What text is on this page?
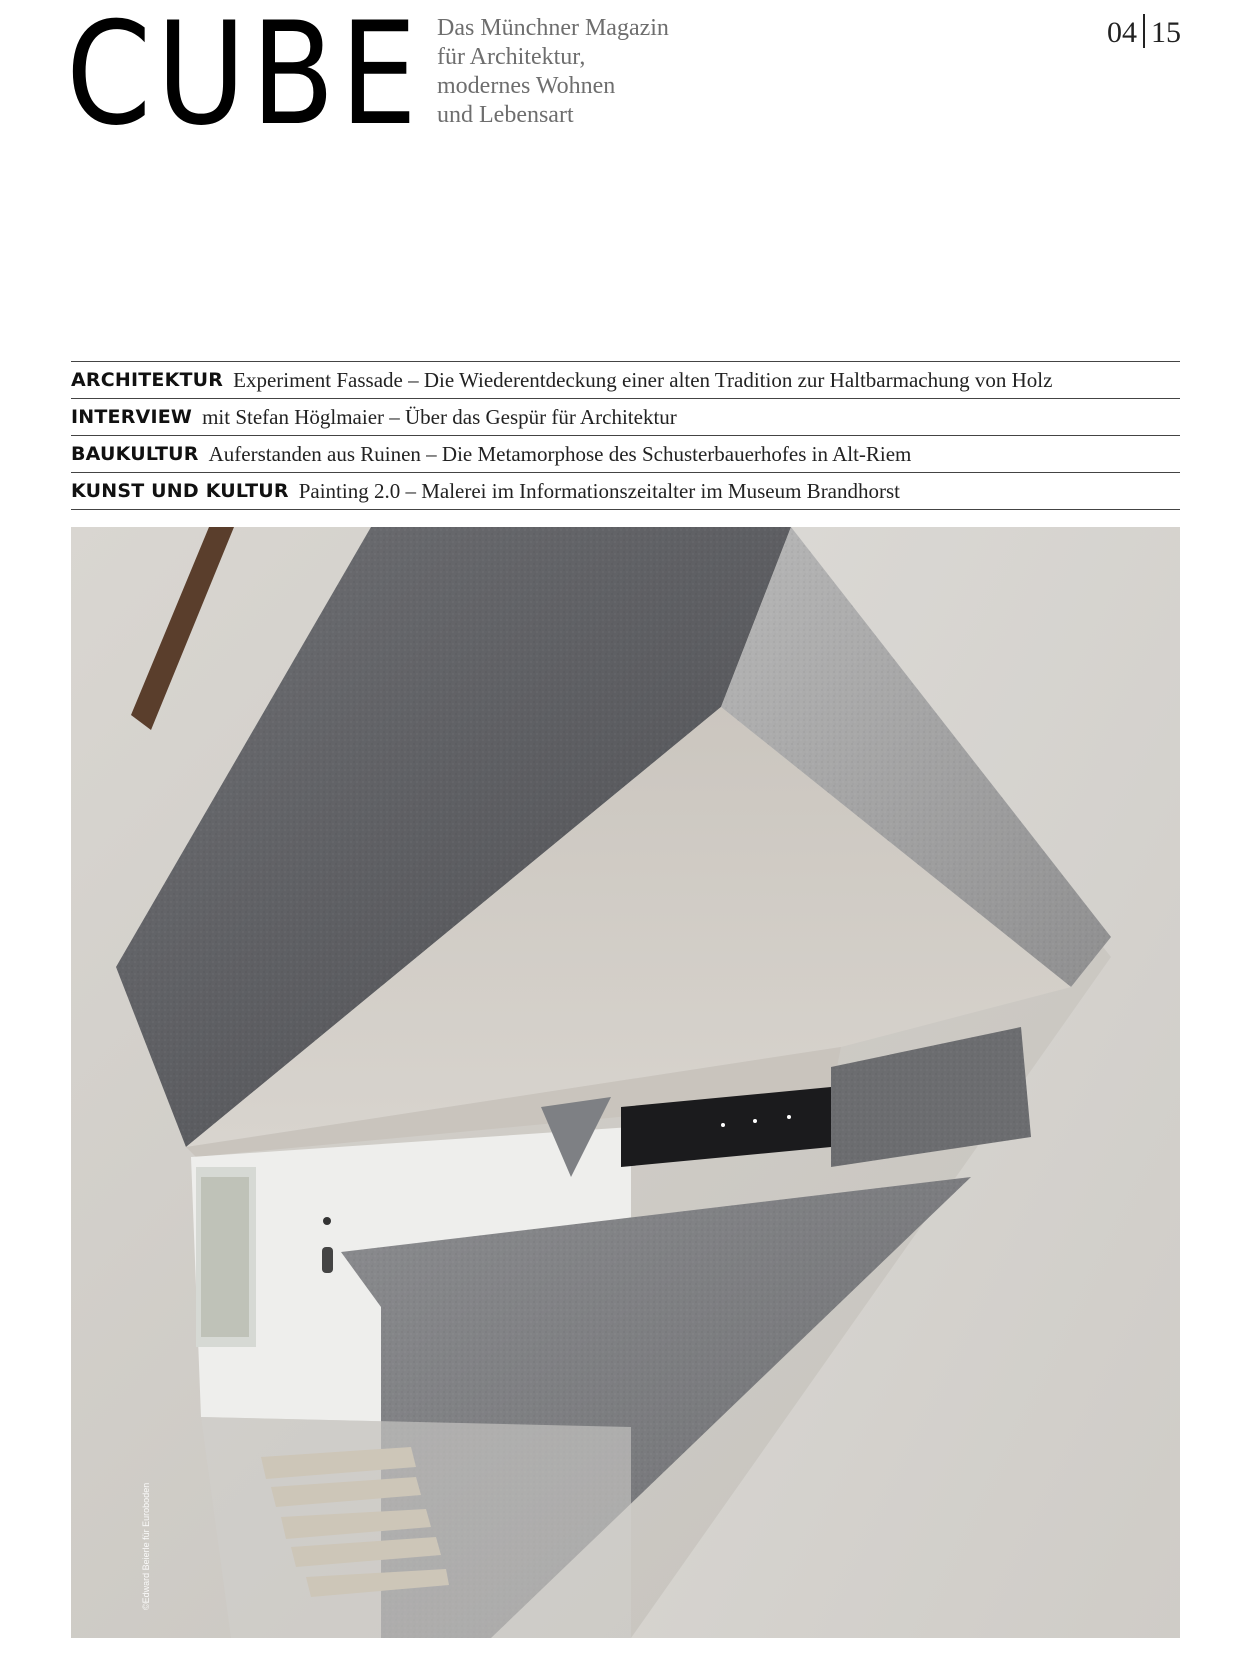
CUBE Das Münchner Magazin
für Architektur,
modernes Wohnen
und Lebensart
04 15
ARCHITEKTUR Experiment Fassade – Die Wiederentdeckung einer alten Tradition zur Haltbarmachung von Holz
INTERVIEW mit Stefan Höglmaier – Über das Gespür für Architektur
BAUKULTUR Auferstanden aus Ruinen – Die Metamorphose des Schusterbauerhofes in Alt-Riem
KUNST UND KULTUR Painting 2.0 – Malerei im Informationszeitalter im Museum Brandhorst
©Edward Beierle für Euroboden
